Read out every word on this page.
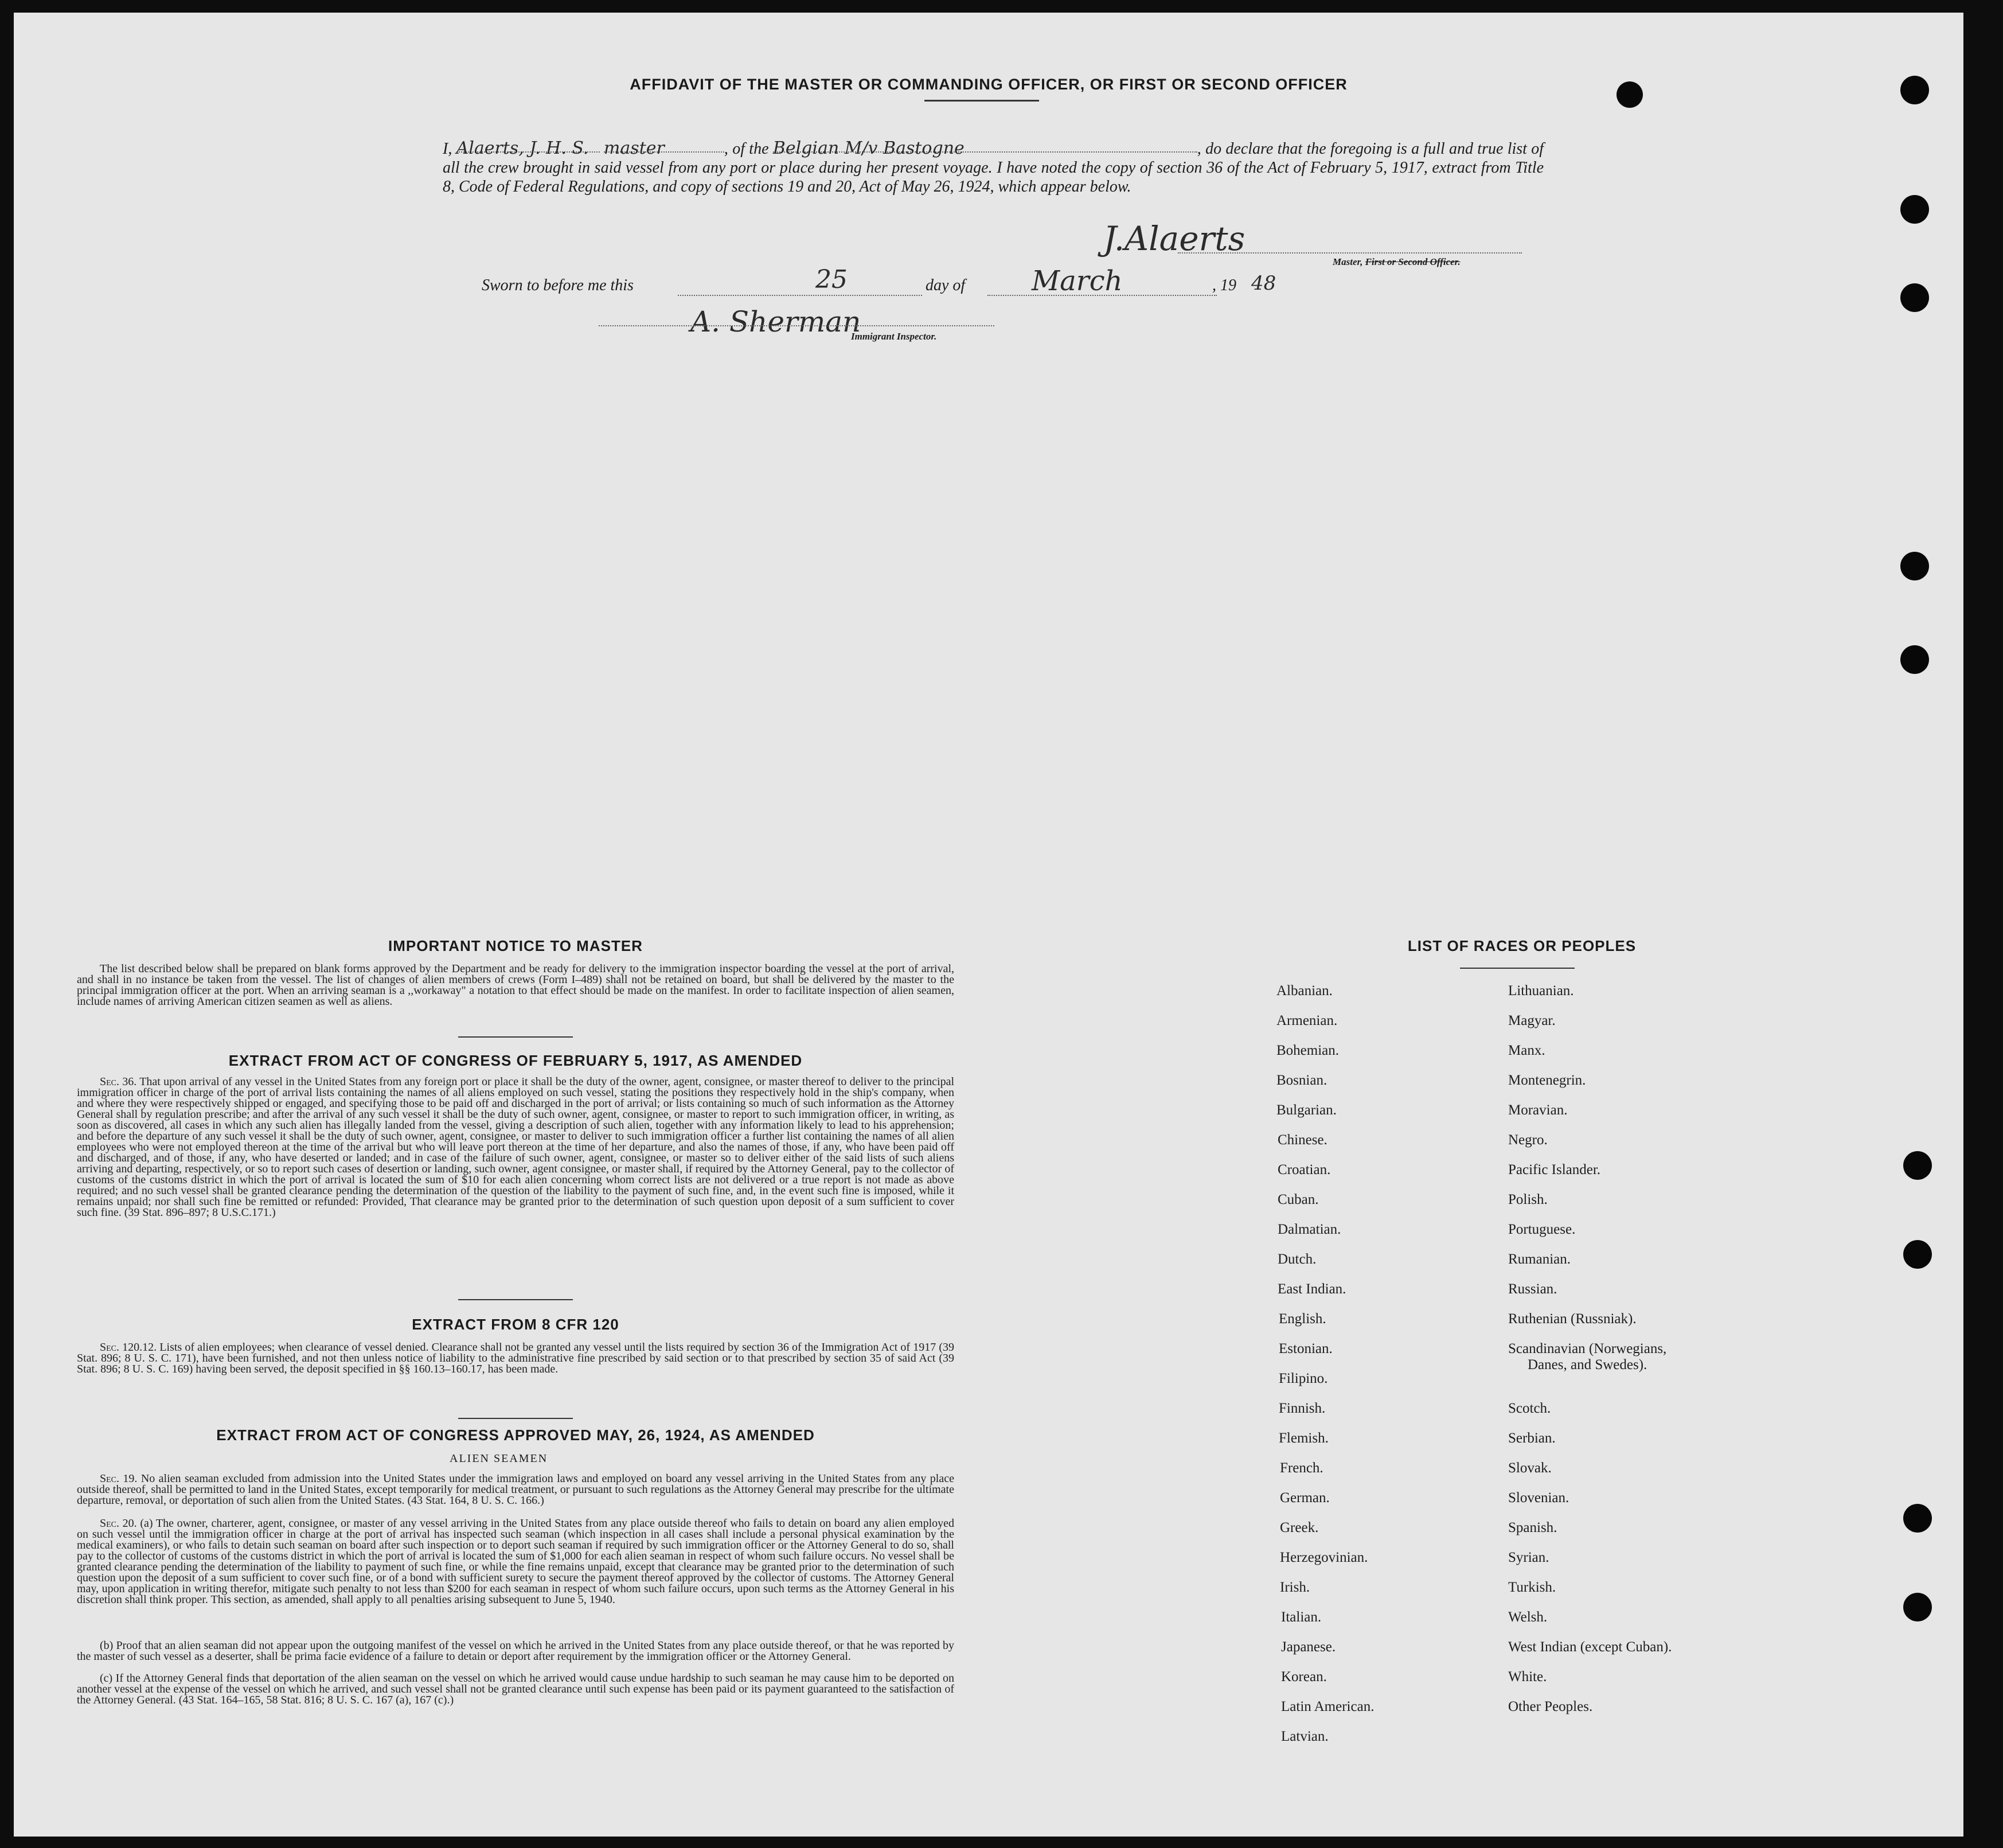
AFFIDAVIT OF THE MASTER OR COMMANDING OFFICER, OR FIRST OR SECOND OFFICER
I, Alaerts, J. H. S. master	, of the Belgian M/v Bastogne	, do declare that the foregoing is a full and true list of all the crew brought in said vessel from any port or place during her present voyage. I have noted the copy of section 36 of the Act of February 5, 1917, extract from Title 8, Code of Federal Regulations, and copy of sections 19 and 20, Act of May 26, 1924, which appear below.
J.Alaerts
Master, First or Second Officer.
Sworn to before me this	25	day of March	, 19 48
A. Sherman
Immigrant Inspector.
IMPORTANT NOTICE TO MASTER
The list described below shall be prepared on blank forms approved by the Department and be ready for delivery to the immigration inspector boarding the vessel at the port of arrival, and shall in no instance be taken from the vessel. The list of changes of alien members of crews (Form I–489) shall not be retained on board, but shall be delivered by the master to the principal immigration officer at the port. When an arriving seaman is a ,,workaway" a notation to that effect should be made on the manifest. In order to facilitate inspection of alien seamen, include names of arriving American citizen seamen as well as aliens.
EXTRACT FROM ACT OF CONGRESS OF FEBRUARY 5, 1917, AS AMENDED
Sec. 36. That upon arrival of any vessel in the United States from any foreign port or place it shall be the duty of the owner, agent, consignee, or master thereof to deliver to the principal immigration officer in charge of the port of arrival lists containing the names of all aliens employed on such vessel, stating the positions they respectively hold in the ship's company, when and where they were respectively shipped or engaged, and specifying those to be paid off and discharged in the port of arrival; or lists containing so much of such information as the Attorney General shall by regulation prescribe; and after the arrival of any such vessel it shall be the duty of such owner, agent, consignee, or master to report to such immigration officer, in writing, as soon as discovered, all cases in which any such alien has illegally landed from the vessel, giving a description of such alien, together with any information likely to lead to his apprehension; and before the departure of any such vessel it shall be the duty of such owner, agent, consignee, or master to deliver to such immigration officer a further list containing the names of all alien employees who were not employed thereon at the time of the arrival but who will leave port thereon at the time of her departure, and also the names of those, if any, who have been paid off and discharged, and of those, if any, who have deserted or landed; and in case of the failure of such owner, agent, consignee, or master so to deliver either of the said lists of such aliens arriving and departing, respectively, or so to report such cases of desertion or landing, such owner, agent consignee, or master shall, if required by the Attorney General, pay to the collector of customs of the customs district in which the port of arrival is located the sum of $10 for each alien concerning whom correct lists are not delivered or a true report is not made as above required; and no such vessel shall be granted clearance pending the determination of the question of the liability to the payment of such fine, and, in the event such fine is imposed, while it remains unpaid; nor shall such fine be remitted or refunded: Provided, That clearance may be granted prior to the determination of such question upon deposit of a sum sufficient to cover such fine. (39 Stat. 896–897; 8 U.S.C.171.)
EXTRACT FROM 8 CFR 120
Sec. 120.12. Lists of alien employees; when clearance of vessel denied. Clearance shall not be granted any vessel until the lists required by section 36 of the Immigration Act of 1917 (39 Stat. 896; 8 U. S. C. 171), have been furnished, and not then unless notice of liability to the administrative fine prescribed by said section or to that prescribed by section 35 of said Act (39 Stat. 896; 8 U. S. C. 169) having been served, the deposit specified in §§ 160.13–160.17, has been made.
EXTRACT FROM ACT OF CONGRESS APPROVED MAY, 26, 1924, AS AMENDED
ALIEN SEAMEN
Sec. 19. No alien seaman excluded from admission into the United States under the immigration laws and employed on board any vessel arriving in the United States from any place outside thereof, shall be permitted to land in the United States, except temporarily for medical treatment, or pursuant to such regulations as the Attorney General may prescribe for the ultimate departure, removal, or deportation of such alien from the United States. (43 Stat. 164, 8 U. S. C. 166.)
Sec. 20. (a) The owner, charterer, agent, consignee, or master of any vessel arriving in the United States from any place outside thereof who fails to detain on board any alien employed on such vessel until the immigration officer in charge at the port of arrival has inspected such seaman (which inspection in all cases shall include a personal physical examination by the medical examiners), or who fails to detain such seaman on board after such inspection or to deport such seaman if required by such immigration officer or the Attorney General to do so, shall pay to the collector of customs of the customs district in which the port of arrival is located the sum of $1,000 for each alien seaman in respect of whom such failure occurs. No vessel shall be granted clearance pending the determination of the liability to payment of such fine, or while the fine remains unpaid, except that clearance may be granted prior to the determination of such question upon the deposit of a sum sufficient to cover such fine, or of a bond with sufficient surety to secure the payment thereof approved by the collector of customs. The Attorney General may, upon application in writing therefor, mitigate such penalty to not less than $200 for each seaman in respect of whom such failure occurs, upon such terms as the Attorney General in his discretion shall think proper. This section, as amended, shall apply to all penalties arising subsequent to June 5, 1940.
(b) Proof that an alien seaman did not appear upon the outgoing manifest of the vessel on which he arrived in the United States from any place outside thereof, or that he was reported by the master of such vessel as a deserter, shall be prima facie evidence of a failure to detain or deport after requirement by the immigration officer or the Attorney General.
(c) If the Attorney General finds that deportation of the alien seaman on the vessel on which he arrived would cause undue hardship to such seaman he may cause him to be deported on another vessel at the expense of the vessel on which he arrived, and such vessel shall not be granted clearance until such expense has been paid or its payment guaranteed to the satisfaction of the Attorney General. (43 Stat. 164–165, 58 Stat. 816; 8 U. S. C. 167 (a), 167 (c).)
LIST OF RACES OR PEOPLES
Albanian.
Armenian.
Bohemian.
Bosnian.
Bulgarian.
Chinese.
Croatian.
Cuban.
Dalmatian.
Dutch.
East Indian.
English.
Estonian.
Filipino.
Finnish.
Flemish.
French.
German.
Greek.
Herzegovinian.
Irish.
Italian.
Japanese.
Korean.
Latin American.
Latvian.
Lithuanian.
Magyar.
Manx.
Montenegrin.
Moravian.
Negro.
Pacific Islander.
Polish.
Portuguese.
Rumanian.
Russian.
Ruthenian (Russniak).
Scandinavian (Norwegians,
Danes, and Swedes).
Scotch.
Serbian.
Slovak.
Slovenian.
Spanish.
Syrian.
Turkish.
Welsh.
West Indian (except Cuban).
White.
Other Peoples.
